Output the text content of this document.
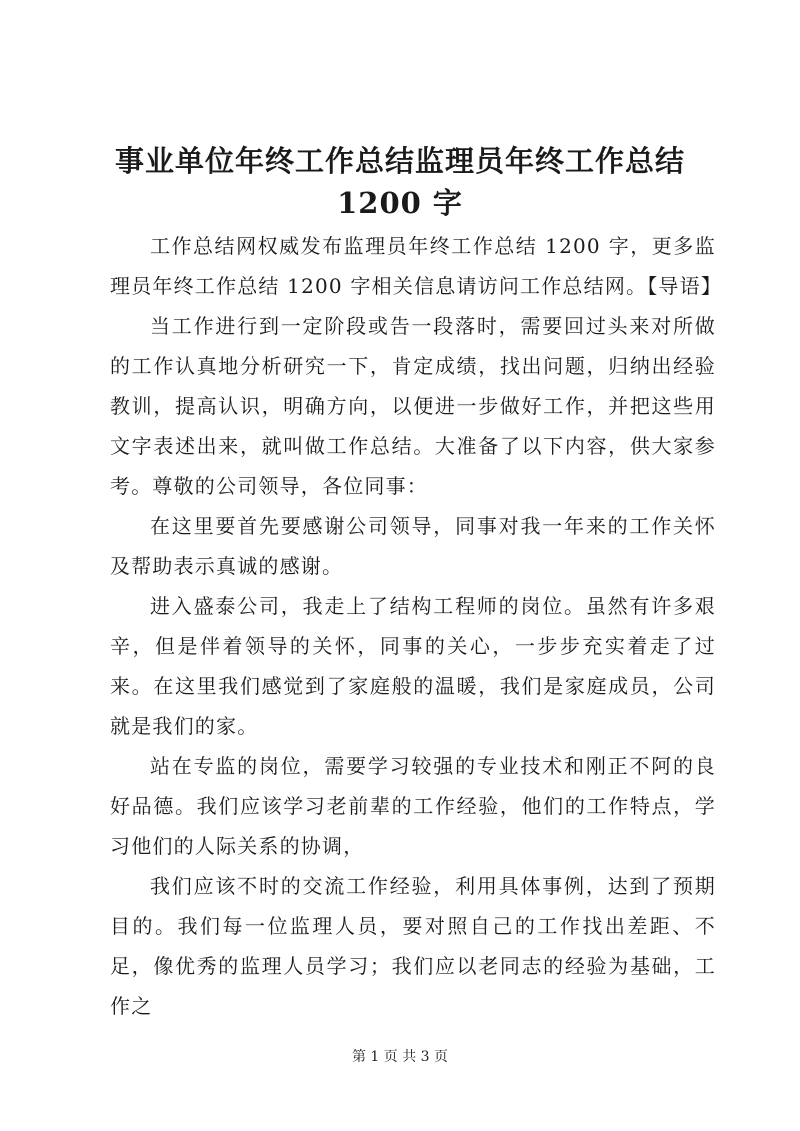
事业单位年终工作总结监理员年终工作总结
1200 字

工作总结网权威发布监理员年终工作总结 1200 字，更多监理员年终工作总结 1200 字相关信息请访问工作总结网。【导语】

当工作进行到一定阶段或告一段落时，需要回过头来对所做的工作认真地分析研究一下，肯定成绩，找出问题，归纳出经验教训，提高认识，明确方向，以便进一步做好工作，并把这些用文字表述出来，就叫做工作总结。大准备了以下内容，供大家参考。尊敬的公司领导，各位同事：

在这里要首先要感谢公司领导，同事对我一年来的工作关怀及帮助表示真诚的感谢。

进入盛泰公司，我走上了结构工程师的岗位。虽然有许多艰辛，但是伴着领导的关怀，同事的关心，一步步充实着走了过来。在这里我们感觉到了家庭般的温暖，我们是家庭成员，公司就是我们的家。

站在专监的岗位，需要学习较强的专业技术和刚正不阿的良好品德。我们应该学习老前辈的工作经验，他们的工作特点，学习他们的人际关系的协调，

我们应该不时的交流工作经验，利用具体事例，达到了预期目的。我们每一位监理人员，要对照自己的工作找出差距、不足，像优秀的监理人员学习；我们应以老同志的经验为基础，工作之

第 1 页 共 3 页
